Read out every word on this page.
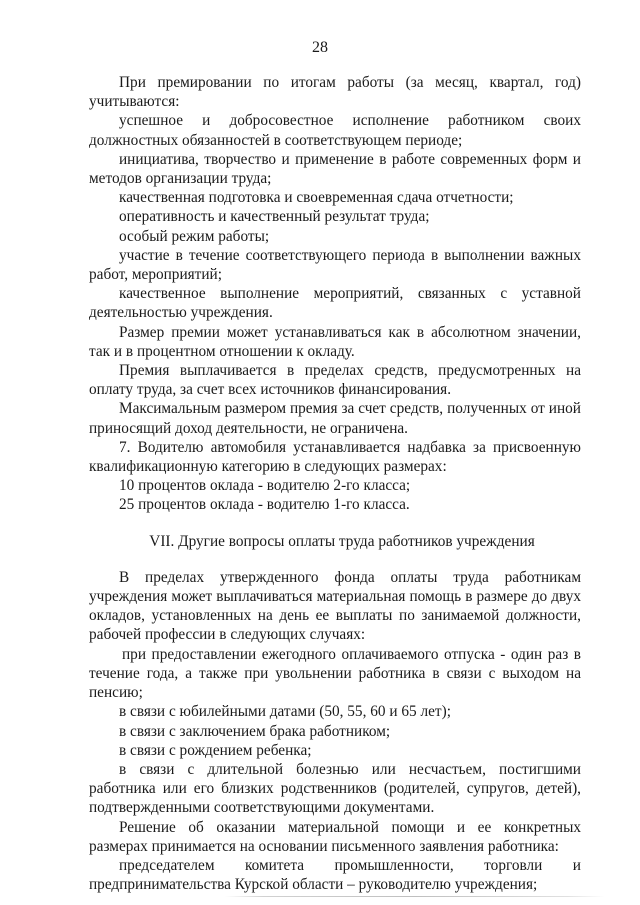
28

При премировании по итогам работы (за месяц, квартал, год) учитываются:

успешное и добросовестное исполнение работником своих должностных обязанностей в соответствующем периоде;

инициатива, творчество и применение в работе современных форм и методов организации труда;

качественная подготовка и своевременная сдача отчетности;

оперативность и качественный результат труда;

особый режим работы;

участие в течение соответствующего периода в выполнении важных работ, мероприятий;

качественное выполнение мероприятий, связанных с уставной деятельностью учреждения.

Размер премии может устанавливаться как в абсолютном значении, так и в процентном отношении к окладу.

Премия выплачивается в пределах средств, предусмотренных на оплату труда, за счет всех источников финансирования.

Максимальным размером премия за счет средств, полученных от иной приносящий доход деятельности, не ограничена.

7. Водителю автомобиля устанавливается надбавка за присвоенную квалификационную категорию в следующих размерах:

10 процентов оклада - водителю 2-го класса;

25 процентов оклада - водителю 1-го класса.

VII. Другие вопросы оплаты труда работников учреждения

В пределах утвержденного фонда оплаты труда работникам учреждения может выплачиваться материальная помощь в размере до двух окладов, установленных на день ее выплаты по занимаемой должности, рабочей профессии в следующих случаях:

при предоставлении ежегодного оплачиваемого отпуска - один раз в течение года, а также при увольнении работника в связи с выходом на пенсию;

в связи с юбилейными датами (50, 55, 60 и 65 лет);

в связи с заключением брака работником;

в связи с рождением ребенка;

в связи с длительной болезнью или несчастьем, постигшими работника или его близких родственников (родителей, супругов, детей), подтвержденными соответствующими документами.

Решение об оказании материальной помощи и ее конкретных размерах принимается на основании письменного заявления работника:

председателем комитета промышленности, торговли и предпринимательства Курской области – руководителю учреждения;
